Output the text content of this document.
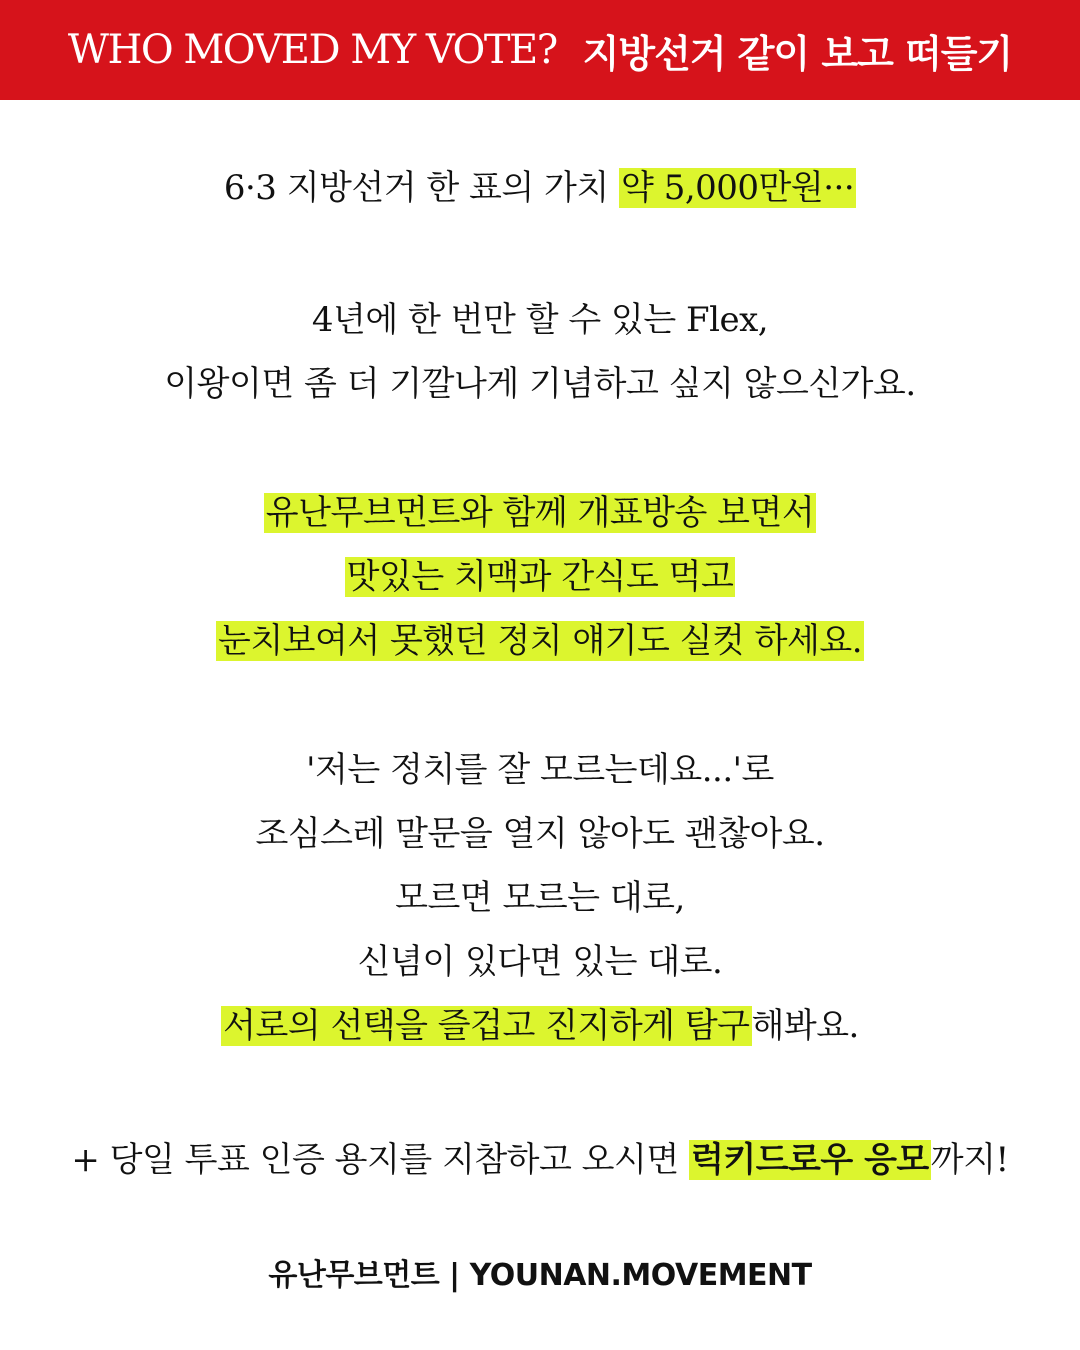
WHO MOVED MY VOTE? 지방선거 같이 보고 떠들기
6·3 지방선거 한 표의 가치 약 5,000만원···
4년에 한 번만 할 수 있는 Flex,
이왕이면 좀 더 기깔나게 기념하고 싶지 않으신가요.
유난무브먼트와 함께 개표방송 보면서
맛있는 치맥과 간식도 먹고
눈치보여서 못했던 정치 얘기도 실컷 하세요.
'저는 정치를 잘 모르는데요...'로
조심스레 말문을 열지 않아도 괜찮아요.
모르면 모르는 대로,
신념이 있다면 있는 대로.
서로의 선택을 즐겁고 진지하게 탐구해봐요.
+ 당일 투표 인증 용지를 지참하고 오시면 럭키드로우 응모까지!
유난무브먼트 | YOUNAN.MOVEMENT
